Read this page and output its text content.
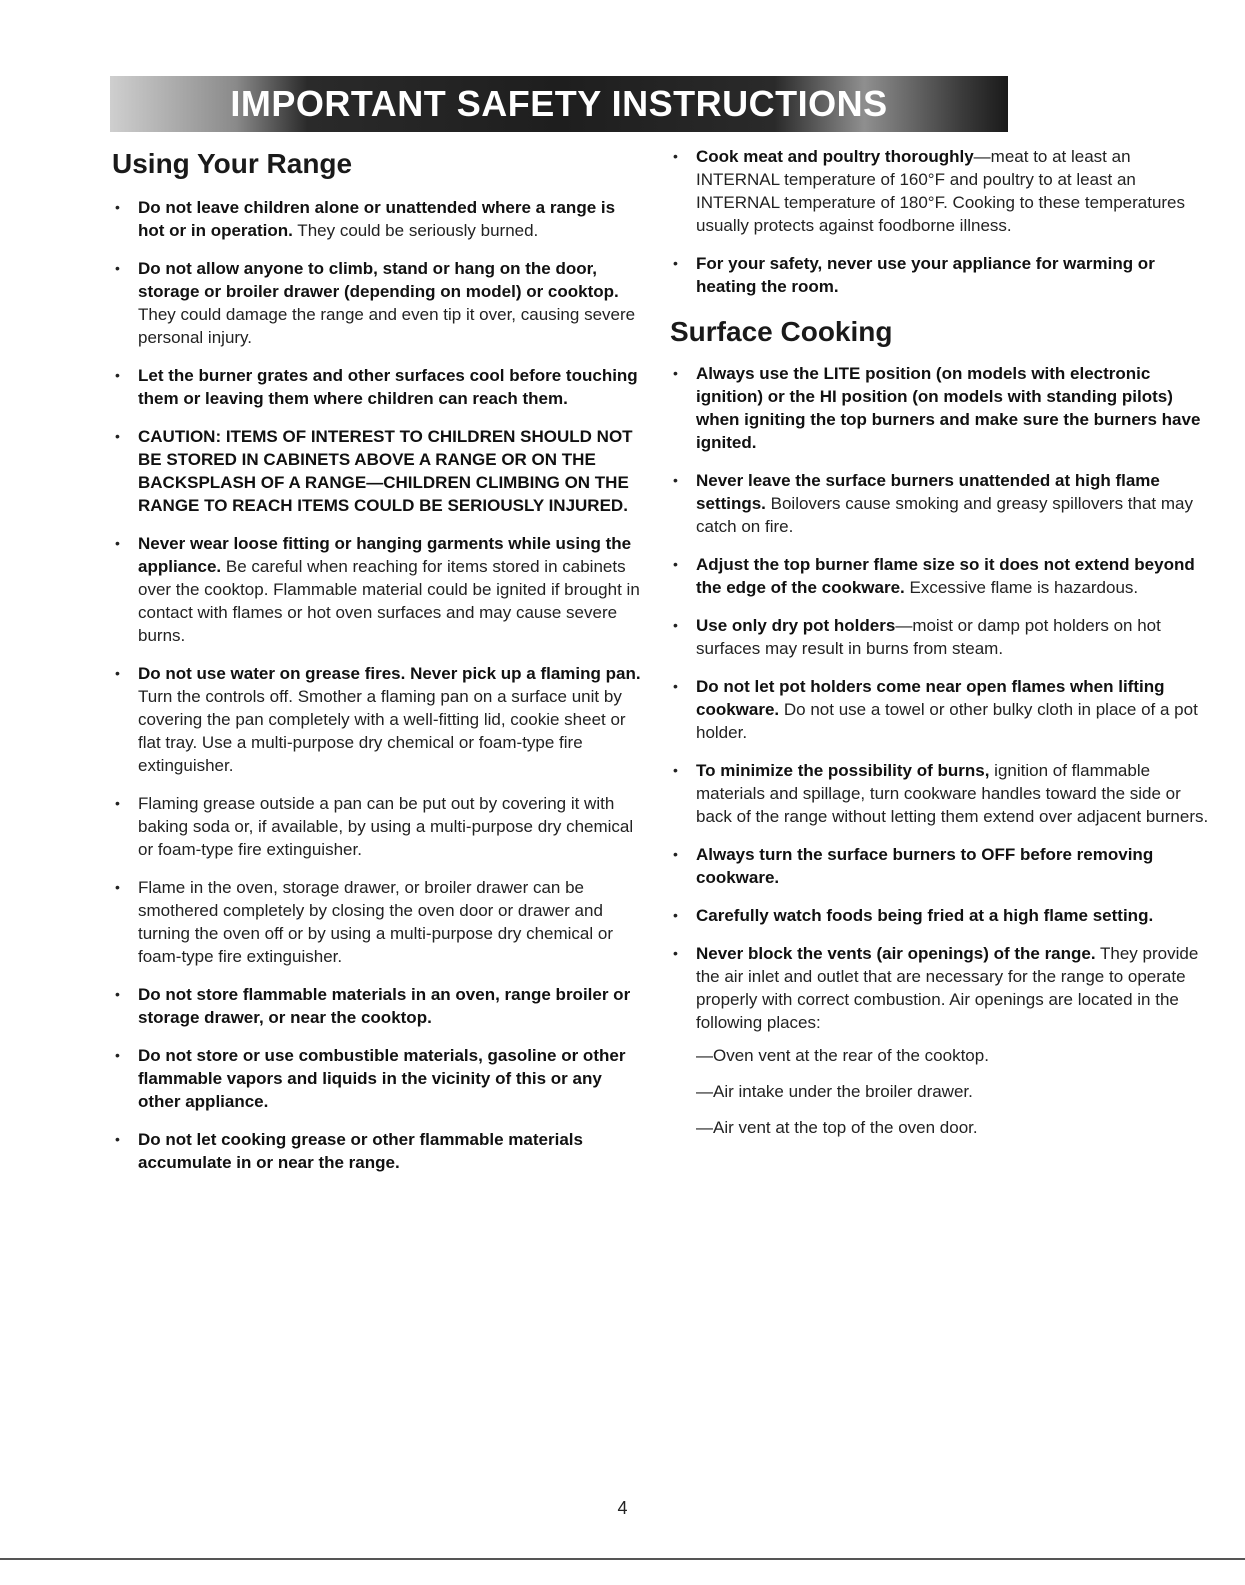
IMPORTANT SAFETY INSTRUCTIONS
Using Your Range
• Do not leave children alone or unattended where a range is hot or in operation. They could be seriously burned.
• Do not allow anyone to climb, stand or hang on the door, storage or broiler drawer (depending on model) or cooktop. They could damage the range and even tip it over, causing severe personal injury.
• Let the burner grates and other surfaces cool before touching them or leaving them where children can reach them.
• CAUTION: ITEMS OF INTEREST TO CHILDREN SHOULD NOT BE STORED IN CABINETS ABOVE A RANGE OR ON THE BACKSPLASH OF A RANGE—CHILDREN CLIMBING ON THE RANGE TO REACH ITEMS COULD BE SERIOUSLY INJURED.
• Never wear loose fitting or hanging garments while using the appliance. Be careful when reaching for items stored in cabinets over the cooktop. Flammable material could be ignited if brought in contact with flames or hot oven surfaces and may cause severe burns.
• Do not use water on grease fires. Never pick up a flaming pan. Turn the controls off. Smother a flaming pan on a surface unit by covering the pan completely with a well-fitting lid, cookie sheet or flat tray. Use a multi-purpose dry chemical or foam-type fire extinguisher.
• Flaming grease outside a pan can be put out by covering it with baking soda or, if available, by using a multi-purpose dry chemical or foam-type fire extinguisher.
• Flame in the oven, storage drawer, or broiler drawer can be smothered completely by closing the oven door or drawer and turning the oven off or by using a multi-purpose dry chemical or foam-type fire extinguisher.
• Do not store flammable materials in an oven, range broiler or storage drawer, or near the cooktop.
• Do not store or use combustible materials, gasoline or other flammable vapors and liquids in the vicinity of this or any other appliance.
• Do not let cooking grease or other flammable materials accumulate in or near the range.
• Cook meat and poultry thoroughly—meat to at least an INTERNAL temperature of 160°F and poultry to at least an INTERNAL temperature of 180°F. Cooking to these temperatures usually protects against foodborne illness.
• For your safety, never use your appliance for warming or heating the room.
Surface Cooking
• Always use the LITE position (on models with electronic ignition) or the HI position (on models with standing pilots) when igniting the top burners and make sure the burners have ignited.
• Never leave the surface burners unattended at high flame settings. Boilovers cause smoking and greasy spillovers that may catch on fire.
• Adjust the top burner flame size so it does not extend beyond the edge of the cookware. Excessive flame is hazardous.
• Use only dry pot holders—moist or damp pot holders on hot surfaces may result in burns from steam.
• Do not let pot holders come near open flames when lifting cookware. Do not use a towel or other bulky cloth in place of a pot holder.
• To minimize the possibility of burns, ignition of flammable materials and spillage, turn cookware handles toward the side or back of the range without letting them extend over adjacent burners.
• Always turn the surface burners to OFF before removing cookware.
• Carefully watch foods being fried at a high flame setting.
• Never block the vents (air openings) of the range. They provide the air inlet and outlet that are necessary for the range to operate properly with correct combustion. Air openings are located in the following places:
—Oven vent at the rear of the cooktop.
—Air intake under the broiler drawer.
—Air vent at the top of the oven door.
4
